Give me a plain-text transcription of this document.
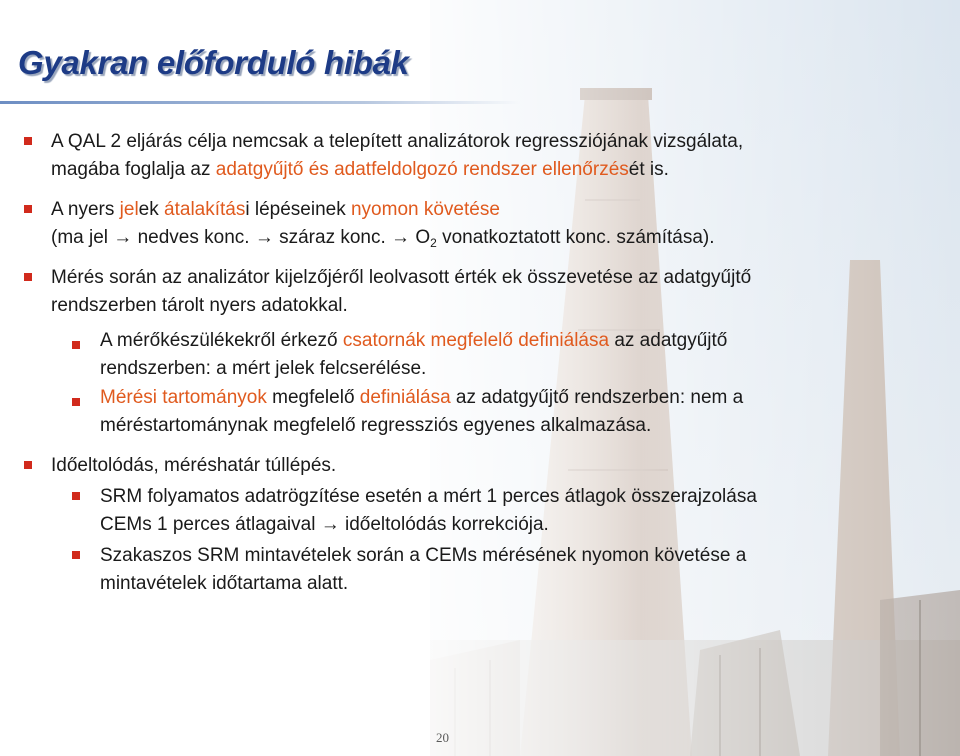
Gyakran előforduló hibák
A QAL 2 eljárás célja nemcsak a telepített analizátorok regressziójának vizsgálata,
magába foglalja az adatgyűjtő és adatfeldolgozó rendszer ellenőrzését is.
A nyers jelek átalakítási lépéseinek nyomon követése
(ma jel → nedves konc. → száraz konc. → $O_2$ vonatkoztatott konc. számítása).
Mérés során az analizátor kijelzőjéről leolvasott érték ek összevetése az adatgyűjtő
rendszerben tárolt nyers adatokkal.
A mérőkészülékekről érkező csatornák megfelelő definiálása az adatgyűjtő
rendszerben: a mért jelek felcserélése.
Mérési tartományok megfelelő definiálása az adatgyűjtő rendszerben: nem a
méréstartománynak megfelelő regressziós egyenes alkalmazása.
Időeltolódás, méréshatár túllépés.
SRM folyamatos adatrögzítése esetén a mért 1 perces átlagok összerajzolása
CEMs 1 perces átlagaival → időeltolódás korrekciója.
Szakaszos SRM mintavételek során a CEMs mérésének nyomon követése a
mintavételek időtartama alatt.
20
